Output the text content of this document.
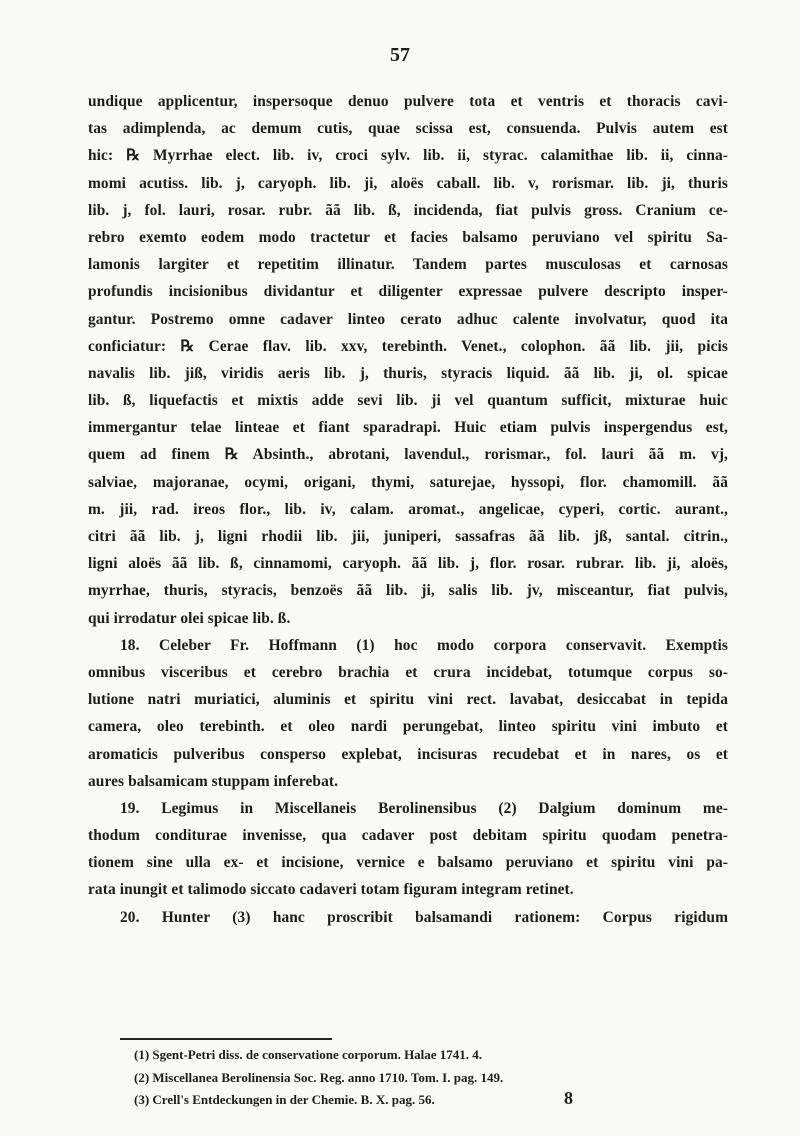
57
undique applicentur, inspersoque denuo pulvere tota et ventris et thoracis cavi-
tas adimplenda, ac demum cutis, quae scissa est, consuenda. Pulvis autem est
hic: ℞ Myrrhae elect. lib. iv, croci sylv. lib. ii, styrac. calamithae lib. ii, cinna-
momi acutiss. lib. j, caryoph. lib. ji, aloës caball. lib. v, rorismar. lib. ji, thuris
lib. j, fol. lauri, rosar. rubr. ãã lib. ß, incidenda, fiat pulvis gross. Cranium ce-
rebro exemto eodem modo tractetur et facies balsamo peruviano vel spiritu Sa-
lamonis largiter et repetitim illinatur. Tandem partes musculosas et carnosas
profundis incisionibus dividantur et diligenter expressae pulvere descripto insper-
gantur. Postremo omne cadaver linteo cerato adhuc calente involvatur, quod ita
conficiatur: ℞ Cerae flav. lib. xxv, terebinth. Venet., colophon. ãã lib. jii, picis
navalis lib. jiß, viridis aeris lib. j, thuris, styracis liquid. ãã lib. ji, ol. spicae
lib. ß, liquefactis et mixtis adde sevi lib. ji vel quantum sufficit, mixturae huic
immergantur telae linteae et fiant sparadrapi. Huic etiam pulvis inspergendus est,
quem ad finem ℞ Absinth., abrotani, lavendul., rorismar., fol. lauri ãã m. vj,
salviae, majoranae, ocymi, origani, thymi, saturejae, hyssopi, flor. chamomill. ãã
m. jii, rad. ireos flor., lib. iv, calam. aromat., angelicae, cyperi, cortic. aurant.,
citri ãã lib. j, ligni rhodii lib. jii, juniperi, sassafras ãã lib. jß, santal. citrin.,
ligni aloës ãã lib. ß, cinnamomi, caryoph. ãã lib. j, flor. rosar. rubrar. lib. ji, aloës,
myrrhae, thuris, styracis, benzoës ãã lib. ji, salis lib. jv, misceantur, fiat pulvis,
qui irrodatur olei spicae lib. ß.
18. Celeber Fr. Hoffmann (1) hoc modo corpora conservavit. Exemptis
omnibus visceribus et cerebro brachia et crura incidebat, totumque corpus so-
lutione natri muriatici, aluminis et spiritu vini rect. lavabat, desiccabat in tepida
camera, oleo terebinth. et oleo nardi perungebat, linteo spiritu vini imbuto et
aromaticis pulveribus consperso explebat, incisuras recudebat et in nares, os et
aures balsamicam stuppam inferebat.
19. Legimus in Miscellaneis Berolinensibus (2) Dalgium dominum me-
thodum conditurae invenisse, qua cadaver post debitam spiritu quodam penetra-
tionem sine ulla ex- et incisione, vernice e balsamo peruviano et spiritu vini pa-
rata inungit et talimodo siccato cadaveri totam figuram integram retinet.
20. Hunter (3) hanc proscribit balsamandi rationem: Corpus rigidum
(1) Sgent-Petri diss. de conservatione corporum. Halae 1741. 4.
(2) Miscellanea Berolinensia Soc. Reg. anno 1710. Tom. I. pag. 149.
(3) Crell's Entdeckungen in der Chemie. B. X. pag. 56.	8
